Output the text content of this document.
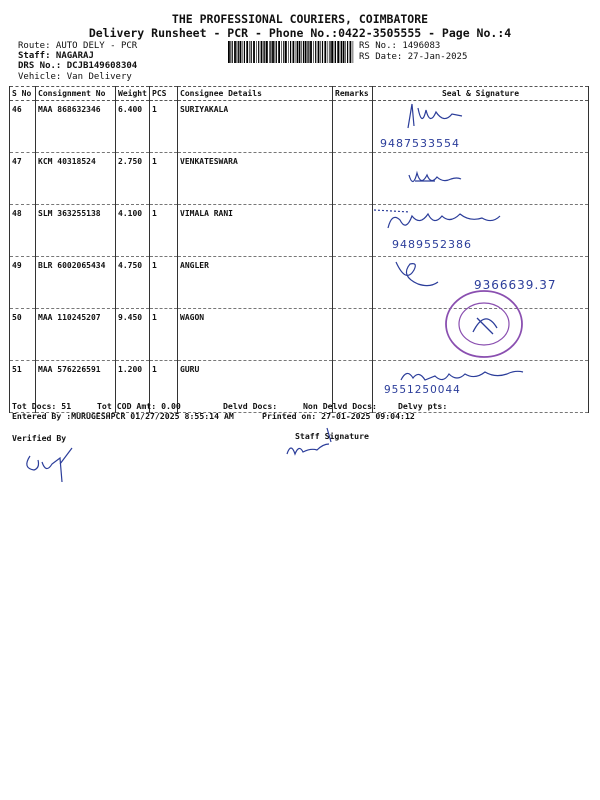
THE PROFESSIONAL COURIERS, COIMBATORE
Delivery Runsheet - PCR - Phone No.:0422-3505555 - Page No.:4
Route: AUTO DELY - PCR
Staff: NAGARAJ
DRS No.: DCJB149608304
Vehicle: Van Delivery
RS No.: 1496083
RS Date: 27-Jan-2025
S No	Consignment No	Weight	PCS	Consignee Details	Remarks	Seal & Signature
46	MAA 868632346	6.400	1	SURIYAKALA		
47	KCM 40318524	2.750	1	VENKATESWARA		
48	SLM 363255138	4.100	1	VIMALA RANI		
49	BLR 6002065434	4.750	1	ANGLER		
50	MAA 110245207	9.450	1	WAGON		
51	MAA 576226591	1.200	1	GURU		
9487533554
9489552386
9366639.37
9551250044
Tot Docs: 51	Tot COD Amt: 0.00	Delvd Docs:	Non Delvd Docs:	Delvy pts:
Entered By :MURUGESHPCR 01/27/2025 8:55:14 AM	Printed on: 27-01-2025 09:04:12
Verified By	Staff Signature
